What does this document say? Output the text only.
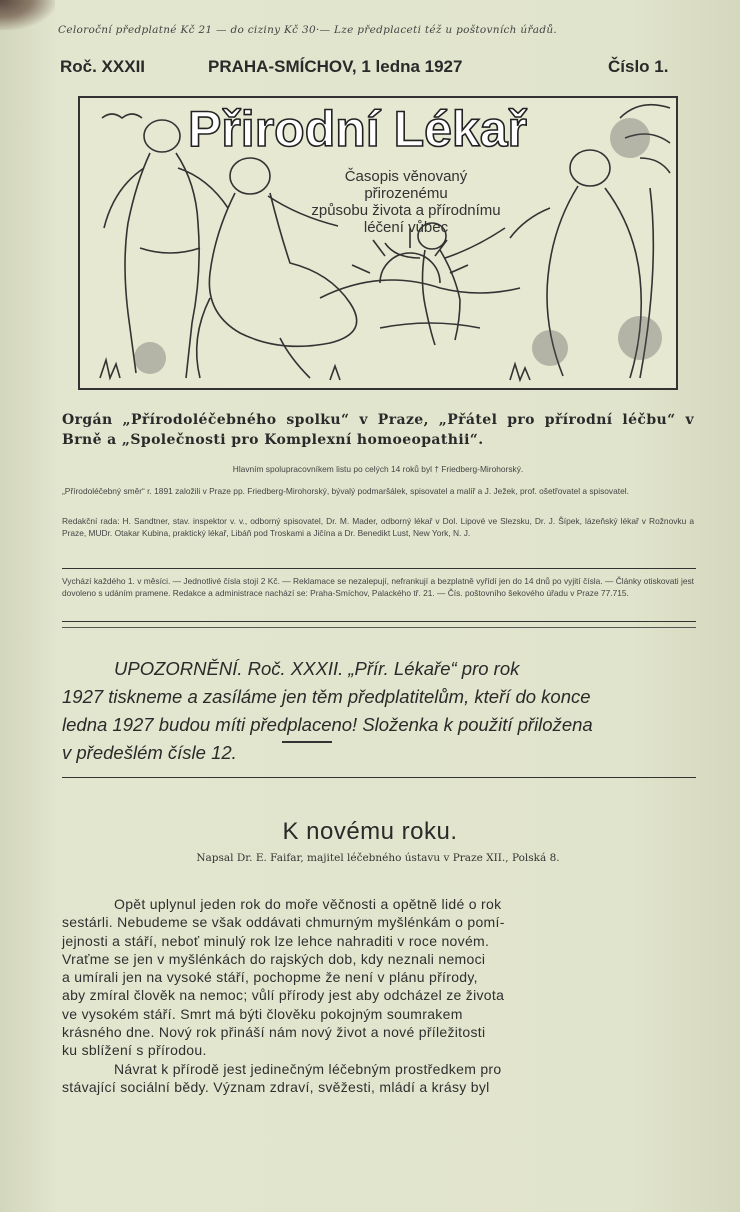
Celoroční předplatné Kč 21 — do ciziny Kč 30·— Lze předplaceti též u poštovních úřadů.
Roč. XXXII	PRAHA-SMÍCHOV, 1 ledna 1927	Číslo 1.
Přirodní Lékař
Časopis věnovaný přirozenému
způsobu života a přírodnímu
léčení vůbec
Orgán „Přírodoléčebného spolku“ v Praze, „Přátel pro přírodní léčbu“ v Brně a „Společnosti pro Komplexní homoeopathii“.
Hlavním spolupracovníkem listu po celých 14 roků byl † Friedberg-Mirohorský.
„Přírodoléčebný směr“ r. 1891 založili v Praze pp. Friedberg-Mirohorský, bývalý podmaršálek, spisovatel a malíř a J. Ježek, prof. ošetřovatel a spisovatel.
Redakční rada: H. Sandtner, stav. inspektor v. v., odborný spisovatel, Dr. M. Mader, odborný lékař v Dol. Lipové ve Slezsku, Dr. J. Šípek, lázeňský lékař v Rožnovku a Praze, MUDr. Otakar Kubina, praktický lékař, Libáň pod Troskami a Jičína a Dr. Benedikt Lust, New York, N. J.
Vychází každého 1. v měsíci. — Jednotlivé čísla stojí 2 Kč. — Reklamace se nezalepují, nefrankují a bezplatně vyřídí jen do 14 dnů po vyjití čísla. — Články otiskovati jest dovoleno s udáním pramene. Redakce a administrace nachází se: Praha-Smíchov, Palackého tř. 21. — Čís. poštovního šekového úřadu v Praze 77.715.
UPOZORNĚNÍ. Roč. XXXII. „Přír. Lékaře“ pro rok
1927 tiskneme a zasíláme jen těm předplatitelům, kteří do konce
ledna 1927 budou míti předplaceno! Složenka k použití přiložena
v předešlém čísle 12.
K novému roku.
Napsal Dr. E. Faifar, majitel léčebného ústavu v Praze XII., Polská 8.
Opět uplynul jeden rok do moře věčnosti a opětně lidé o rok
sestárli. Nebudeme se však oddávati chmurným myšlénkám o pomí-
jejnosti a stáří, neboť minulý rok lze lehce nahraditi v roce novém.
Vraťme se jen v myšlénkách do rajských dob, kdy neznali nemoci
a umírali jen na vysoké stáří, pochopme že není v plánu přírody,
aby zmíral člověk na nemoc; vůlí přírody jest aby odcházel ze života
ve vysokém stáří. Smrt má býti člověku pokojným soumrakem
krásného dne. Nový rok přináší nám nový život a nové příležitosti
ku sblížení s přírodou.
Návrat k přírodě jest jedinečným léčebným prostředkem pro
stávající sociální bědy. Význam zdraví, svěžesti, mládí a krásy byl
